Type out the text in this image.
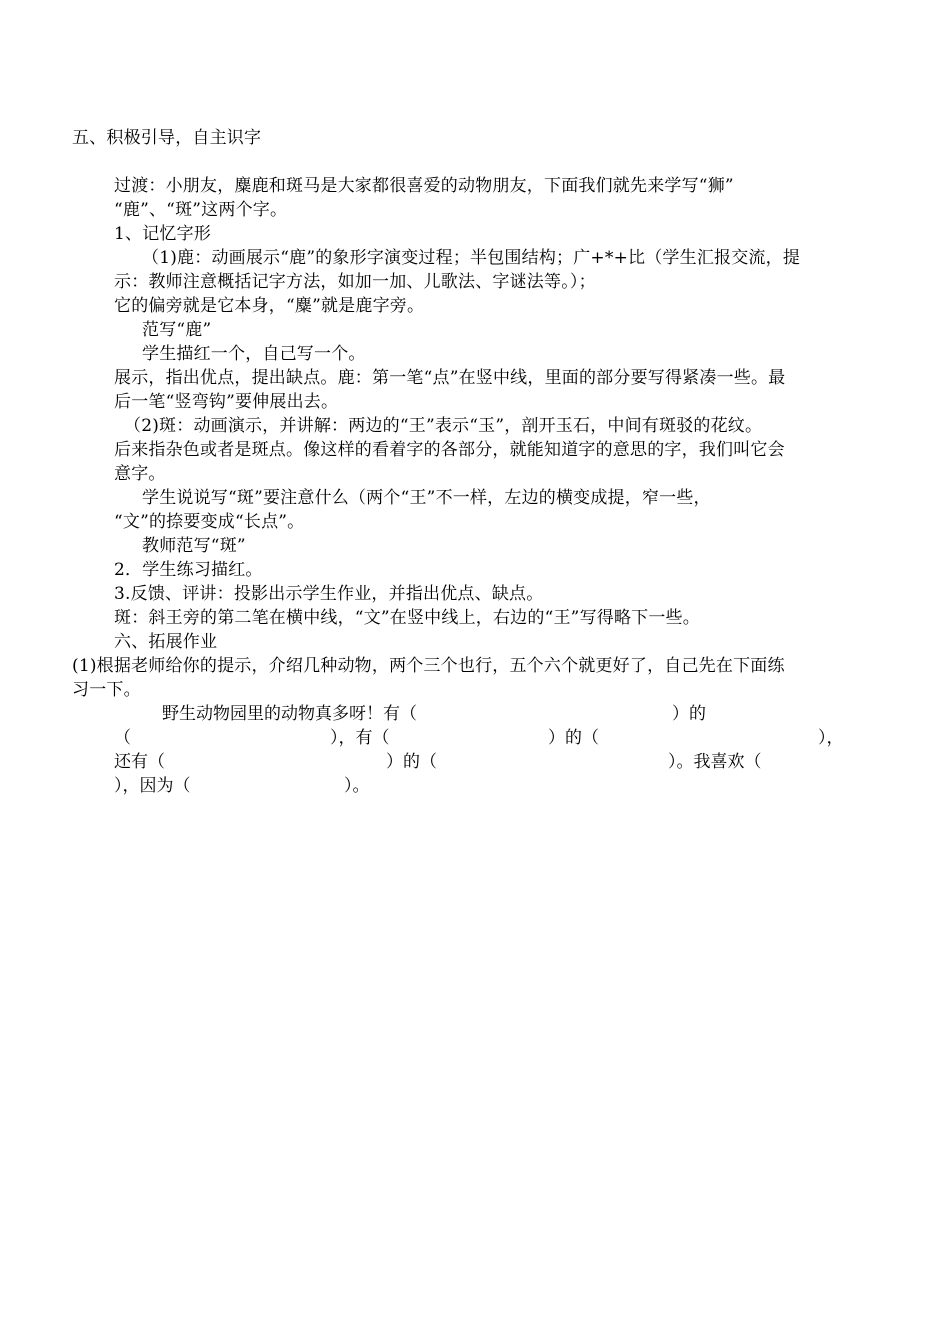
五、积极引导，自主识字
过渡：小朋友，麋鹿和斑马是大家都很喜爱的动物朋友，下面我们就先来学写“狮”
“鹿”、“斑”这两个字。
1、记忆字形
（1)鹿：动画展示“鹿”的象形字演变过程；半包围结构；广+*+比（学生汇报交流，提
示：教师注意概括记字方法，如加一加、儿歌法、字谜法等。）；
它的偏旁就是它本身，“麋”就是鹿字旁。
范写“鹿”
学生描红一个，自己写一个。
展示，指出优点，提出缺点。鹿：第一笔“点”在竖中线，里面的部分要写得紧凑一些。最
后一笔“竖弯钩”要伸展出去。
（2)斑：动画演示，并讲解：两边的“王”表示“玉”，剖开玉石，中间有斑驳的花纹。
后来指杂色或者是斑点。像这样的看着字的各部分，就能知道字的意思的字，我们叫它会
意字。
学生说说写“斑”要注意什么（两个“王”不一样，左边的横变成提，窄一些，
“文”的捺要变成“长点”。
教师范写“斑”
2．学生练习描红。
3.反馈、评讲：投影出示学生作业，并指出优点、缺点。
斑：斜王旁的第二笔在横中线，“文”在竖中线上，右边的“王”写得略下一些。
六、拓展作业
(1)根据老师给你的提示，介绍几种动物，两个三个也行，五个六个就更好了，自己先在下面练
习一下。
野生动物园里的动物真多呀！有（	）的
（	），有（	）的（	），
还有（	）的（	）。我喜欢（
），因为（	）。
